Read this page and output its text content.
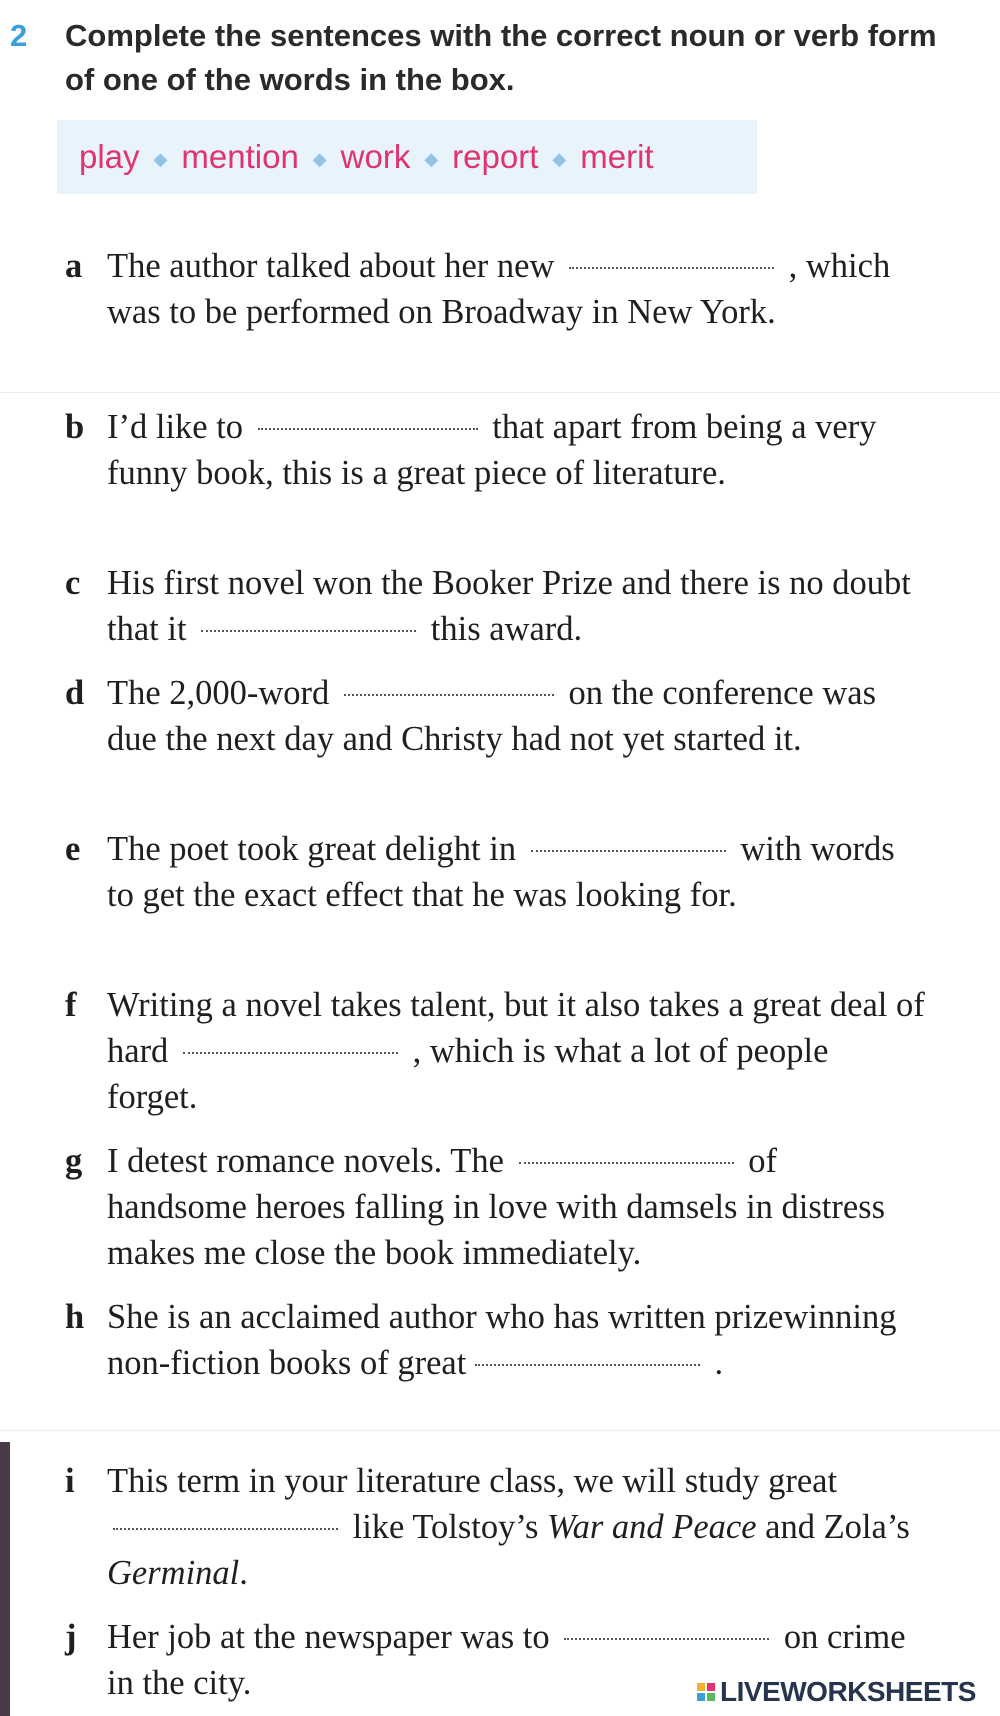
2 Complete the sentences with the correct noun or verb form of one of the words in the box.
play ◆ mention ◆ work ◆ report ◆ merit
a The author talked about her new	, which was to be performed on Broadway in New York.
b I’d like to	that apart from being a very funny book, this is a great piece of literature.
c His first novel won the Booker Prize and there is no doubt that it	this award.
d The 2,000-word	on the conference was due the next day and Christy had not yet started it.
e The poet took great delight in	with words to get the exact effect that he was looking for.
f Writing a novel takes talent, but it also takes a great deal of hard	, which is what a lot of people forget.
g I detest romance novels. The	of handsome heroes falling in love with damsels in distress makes me close the book immediately.
h She is an acclaimed author who has written prizewinning non-fiction books of great	.
i This term in your literature class, we will study great  like Tolstoy’s War and Peace and Zola’s Germinal.
j Her job at the newspaper was to	on crime in the city.	LIVEWORKSHEETS
